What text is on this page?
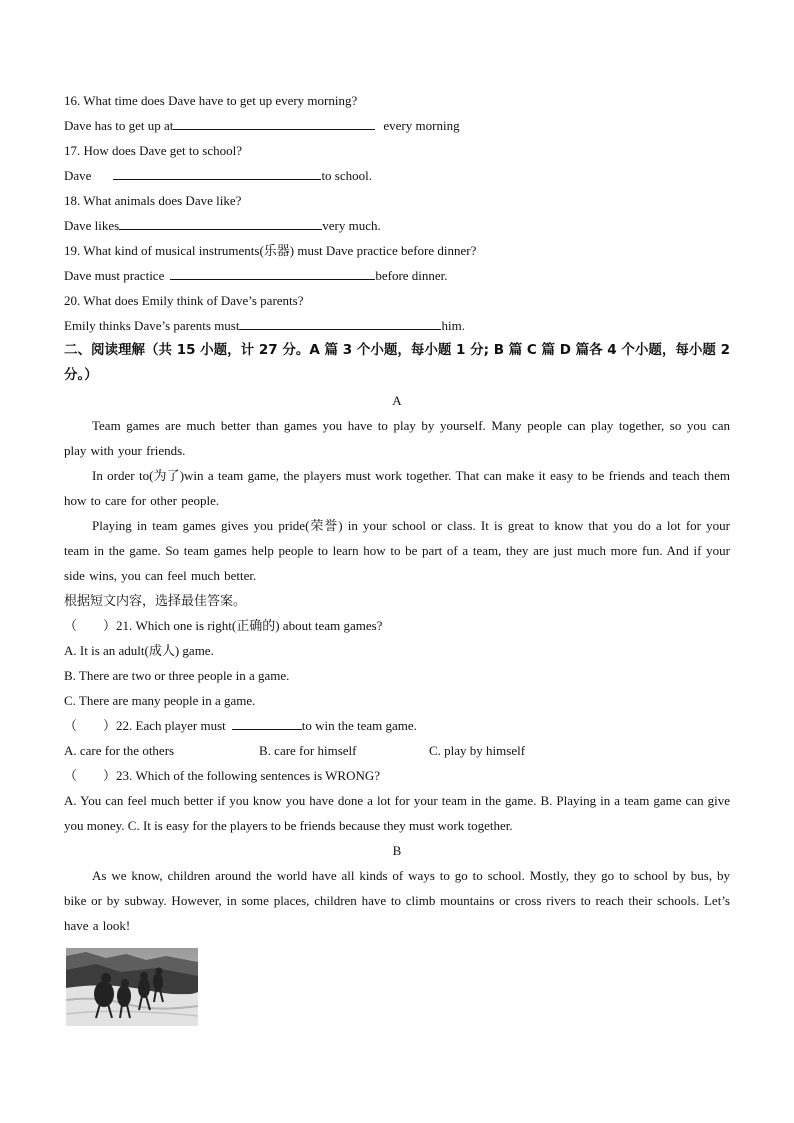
16. What time does Dave have to get up every morning?
Dave has to get up at	every morning
17. How does Dave get to school?
Dave	to school.
18. What animals does Dave like?
Dave likes	very much.
19. What kind of musical instruments(乐器) must Dave practice before dinner?
Dave must practice	before dinner.
20. What does Emily think of Dave’s parents?
Emily thinks Dave’s parents must	him.
二、阅读理解（共 15 小题，计 27 分。A 篇 3 个小题，每小题 1 分; B 篇 C 篇 D 篇各 4 个小题，每小题 2 分。）
A
Team games are much better than games you have to play by yourself. Many people can play together, so you can play with your friends.
In order to(为了)win a team game, the players must work together. That can make it easy to be friends and teach them how to care for other people.
Playing in team games gives you pride(荣誉) in your school or class. It is great to know that you do a lot for your team in the game. So team games help people to learn how to be part of a team, they are just much more fun. And if your side wins, you can feel much better.
根据短文内容，选择最佳答案。
（　　）21. Which one is right(正确的) about team games?
A. It is an adult(成人) game.
B. There are two or three people in a game.
C. There are many people in a game.
（　　）22. Each player must	to win the team game.
A. care for the others	B. care for himself	C. play by himself
（　　）23. Which of the following sentences is WRONG?
A. You can feel much better if you know you have done a lot for your team in the game. B. Playing in a team game can give you money. C. It is easy for the players to be friends because they must work together.
B
As we know, children around the world have all kinds of ways to go to school. Mostly, they go to school by bus, by bike or by subway. However, in some places, children have to climb mountains or cross rivers to reach their schools. Let’s have a look!
